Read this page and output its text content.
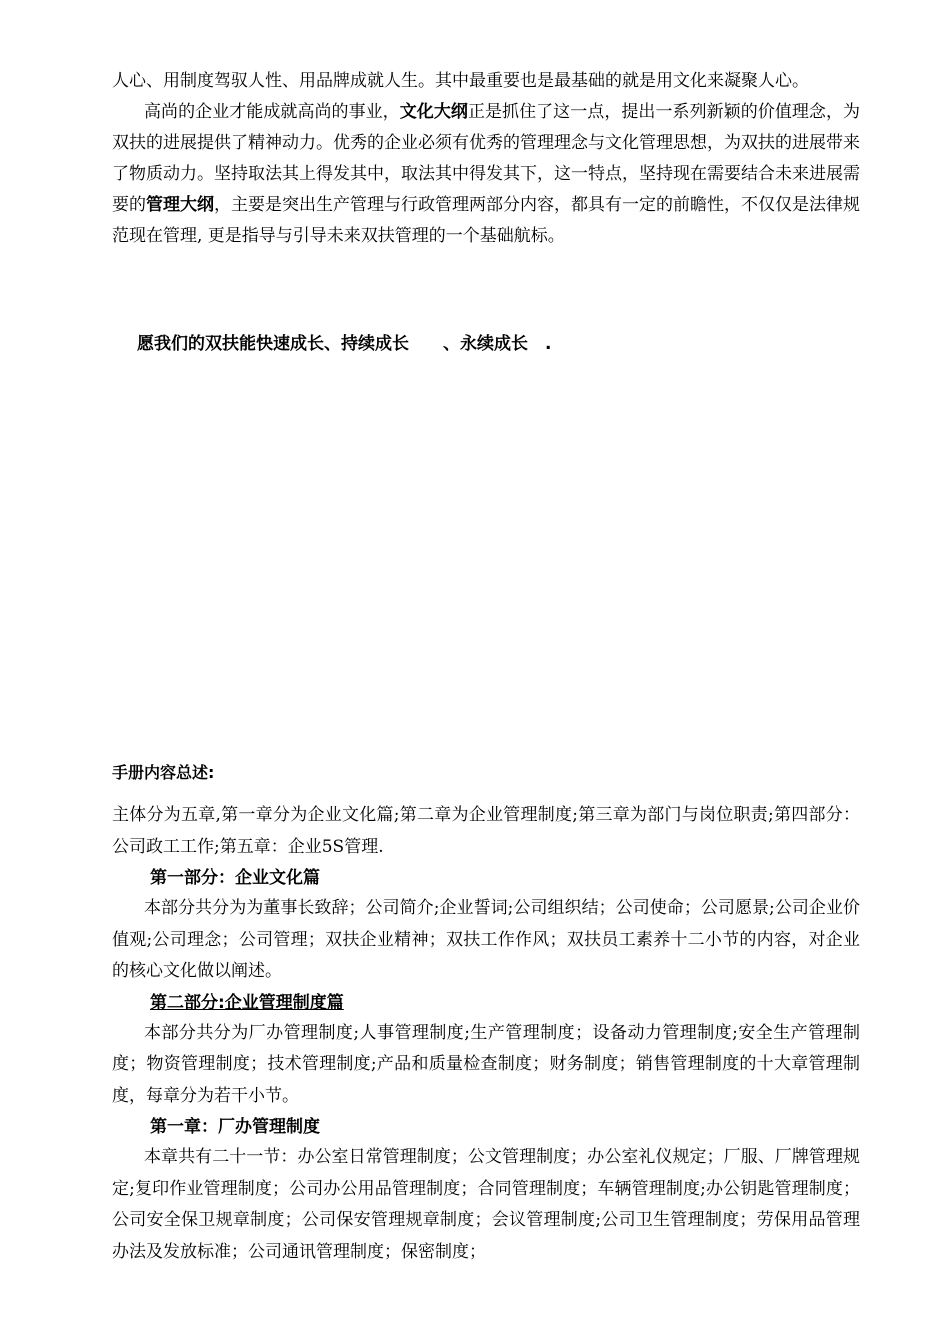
人心、用制度驾驭人性、用品牌成就人生。其中最重要也是最基础的就是用文化来凝聚人心。

高尚的企业才能成就高尚的事业，文化大纲正是抓住了这一点，提出一系列新颖的价值理念，为双扶的进展提供了精神动力。优秀的企业必须有优秀的管理理念与文化管理思想，为双扶的进展带来了物质动力。坚持取法其上得发其中，取法其中得发其下，这一特点，坚持现在需要结合未来进展需要的管理大纲，主要是突出生产管理与行政管理两部分内容，都具有一定的前瞻性，不仅仅是法律规范现在管理, 更是指导与引导未来双扶管理的一个基础航标。

愿我们的双扶能快速成长、持续成长　　、永续成长　.
手册内容总述:

主体分为五章,第一章分为企业文化篇;第二章为企业管理制度;第三章为部门与岗位职责;第四部分：公司政工工作;第五章：企业5S管理.

第一部分：企业文化篇

本部分共分为为董事长致辞；公司简介;企业誓词;公司组织结；公司使命；公司愿景;公司企业价值观;公司理念；公司管理；双扶企业精神；双扶工作作风；双扶员工素养十二小节的内容，对企业的核心文化做以阐述。

第二部分:企业管理制度篇

本部分共分为厂办管理制度;人事管理制度;生产管理制度；设备动力管理制度;安全生产管理制度；物资管理制度；技术管理制度;产品和质量检查制度；财务制度；销售管理制度的十大章管理制度，每章分为若干小节。

第一章：厂办管理制度

本章共有二十一节：办公室日常管理制度；公文管理制度；办公室礼仪规定；厂服、厂牌管理规定;复印作业管理制度；公司办公用品管理制度；合同管理制度；车辆管理制度;办公钥匙管理制度；公司安全保卫规章制度；公司保安管理规章制度；会议管理制度;公司卫生管理制度；劳保用品管理办法及发放标准；公司通讯管理制度；保密制度；
